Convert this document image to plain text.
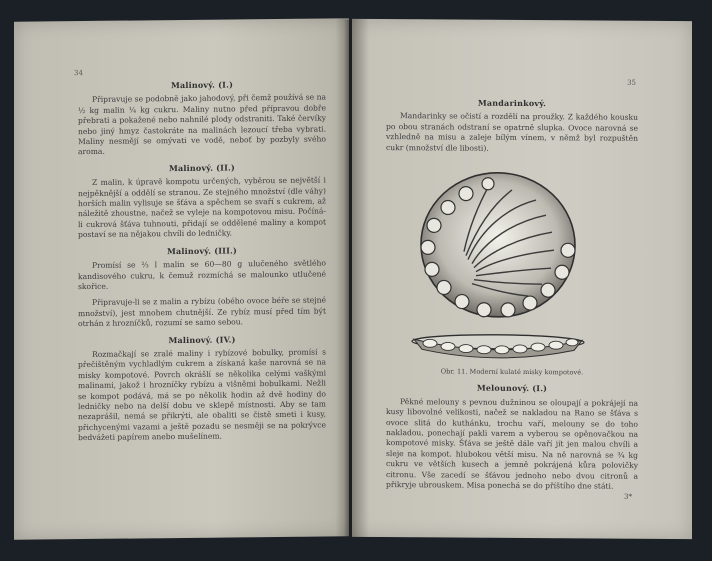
34
Malinový. (I.)

Připravuje se podobně jako jahodový, při čemž používá se na ½ kg malin ¼ kg cukru. Maliny nutno před přípravou dobře přebrati a pokažené nebo nahnilé plody odstraniti. Také červíky nebo jiný hmyz častokráte na malinách lezoucí třeba vybrati. Maliny nesmějí se omývati ve vodě, neboť by pozbyly svého aroma.

Malinový. (II.)

Z malin, k úpravě kompotu určených, vyběrou se největší i nejpěknější a oddělí se stranou. Ze stejného množství (dle váhy) horších malin vylisuje se šťáva a spěchem se svaří s cukrem, až náležitě zhoustne, načež se vyleje na kompotovou misu. Počíná-li cukrová šťáva tuhnouti, přidají se oddělené maliny a kompot postaví se na nějakou chvíli do ledničky.

Malinový. (III.)

Promísí se ⅔ l malin se 60—80 g ulučeného světlého kandisového cukru, k čemuž rozmíchá se malounko utlučené skořice.

Připravuje-li se z malin a rybízu (obého ovoce béře se stejné množství), jest mnohem chutnější. Ze rybíz musí před tím být otrhán z hrozníčků, rozumí se samo sebou.

Malinový. (IV.)

Rozmačkají se zralé maliny i rybízové bobulky, promísí s přečištěným vychladlým cukrem a získaná kaše narovná se na misky kompotové. Povrch okrášlí se několika celými vaškými malinami, jakož i hrozníčky rybízu a višněmi bobulkami. Nežli se kompot podává, má se po několik hodin až dvě hodiny do ledničky nebo na delší dobu ve sklepě místnosti. Aby se tam nezaprášil, nemá se přikrýti, ale obaliti se čistě smeti i kusy, přichycenými vazami a ještě pozadu se nesměji se na pokrývce bedvážeti papírem anebo mušelínem.

35
Mandarinkový.

Mandarinky se očistí a rozdělí na proužky. Z každého kousku po obou stranách odstraní se opatrně slupka. Ovoce narovná se vzhledně na misu a zaleje bílým vínem, v němž byl rozpuštěn cukr (množství dle libosti).

Obr. 11. Moderní kulaté misky kompotové.
Melounový. (I.)

Pěkné melouny s pevnou dužninou se oloupají a pokrájejí na kusy libovolné velikosti, načež se nakladou na Rano se šťáva s ovoce slitá do kuthánku, trochu vaří, melouny se do toho nakladou, ponechají pakli varem a vyberou se opěnovačkou na kompotové misky. Šťáva se ještě dále vaří jít jen malou chvíli a sleje na kompot. hlubokou větší misu. Na ně narovná se ³⁄₄ kg cukru ve větších kusech a jemně pokrájená kůra polovičky citronu. Vše zacedí se šťávou jednoho nebo dvou citronů a přikryje ubrouskem. Misa ponechá se do příštího dne státi.

3*
